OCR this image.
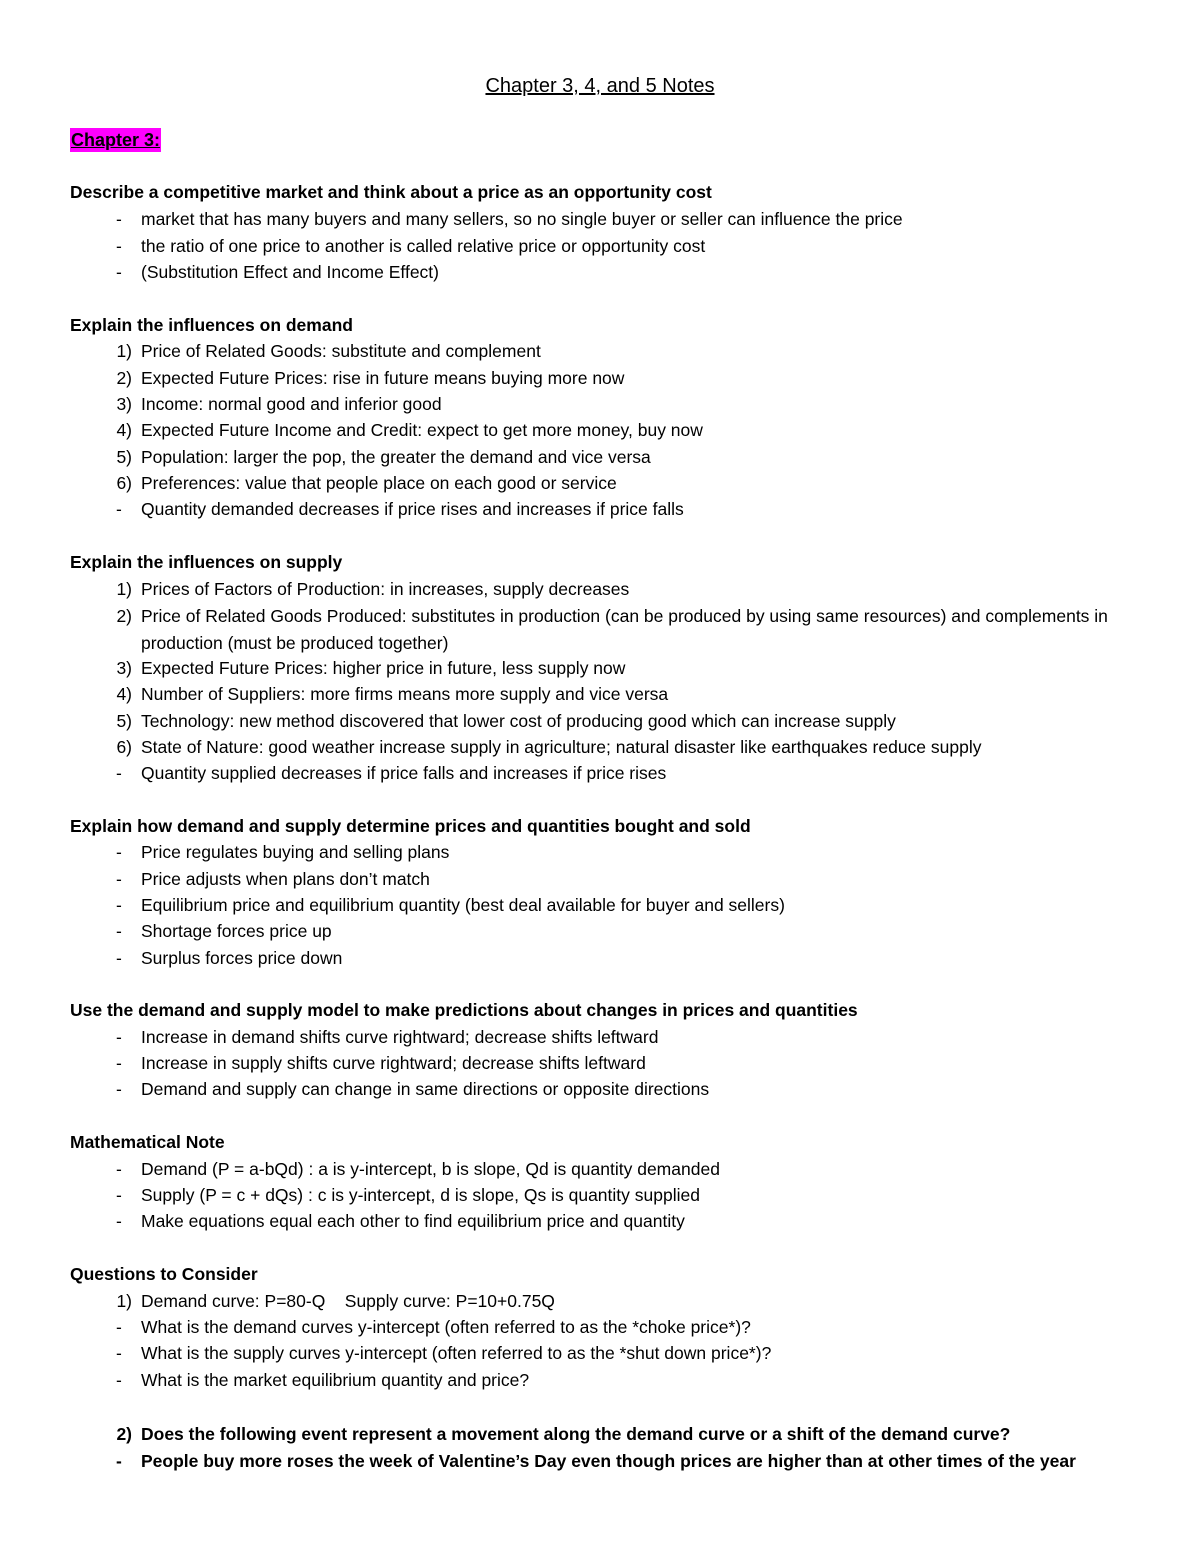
Chapter 3, 4, and 5 Notes
Chapter 3:
Describe a competitive market and think about a price as an opportunity cost
-	market that has many buyers and many sellers, so no single buyer or seller can influence the price
-	the ratio of one price to another is called relative price or opportunity cost
-	(Substitution Effect and Income Effect)
Explain the influences on demand
1) Price of Related Goods: substitute and complement
2) Expected Future Prices: rise in future means buying more now
3) Income: normal good and inferior good
4) Expected Future Income and Credit: expect to get more money, buy now
5) Population: larger the pop, the greater the demand and vice versa
6) Preferences: value that people place on each good or service
-	Quantity demanded decreases if price rises and increases if price falls
Explain the influences on supply
1) Prices of Factors of Production: in increases, supply decreases
2) Price of Related Goods Produced: substitutes in production (can be produced by using same resources) and complements in production (must be produced together)
3) Expected Future Prices: higher price in future, less supply now
4) Number of Suppliers: more firms means more supply and vice versa
5) Technology: new method discovered that lower cost of producing good which can increase supply
6) State of Nature: good weather increase supply in agriculture; natural disaster like earthquakes reduce supply
-	Quantity supplied decreases if price falls and increases if price rises
Explain how demand and supply determine prices and quantities bought and sold
-	Price regulates buying and selling plans
-	Price adjusts when plans don’t match
-	Equilibrium price and equilibrium quantity (best deal available for buyer and sellers)
-	Shortage forces price up
-	Surplus forces price down
Use the demand and supply model to make predictions about changes in prices and quantities
-	Increase in demand shifts curve rightward; decrease shifts leftward
-	Increase in supply shifts curve rightward; decrease shifts leftward
-	Demand and supply can change in same directions or opposite directions
Mathematical Note
-	Demand (P = a-bQd) : a is y-intercept, b is slope, Qd is quantity demanded
-	Supply (P = c + dQs) : c is y-intercept, d is slope, Qs is quantity supplied
-	Make equations equal each other to find equilibrium price and quantity
Questions to Consider
1) Demand curve: P=80-Q    Supply curve: P=10+0.75Q
-	What is the demand curves y-intercept (often referred to as the *choke price*)?
-	What is the supply curves y-intercept (often referred to as the *shut down price*)?
-	What is the market equilibrium quantity and price?
2) Does the following event represent a movement along the demand curve or a shift of the demand curve?
-	People buy more roses the week of Valentine’s Day even though prices are higher than at other times of the year
